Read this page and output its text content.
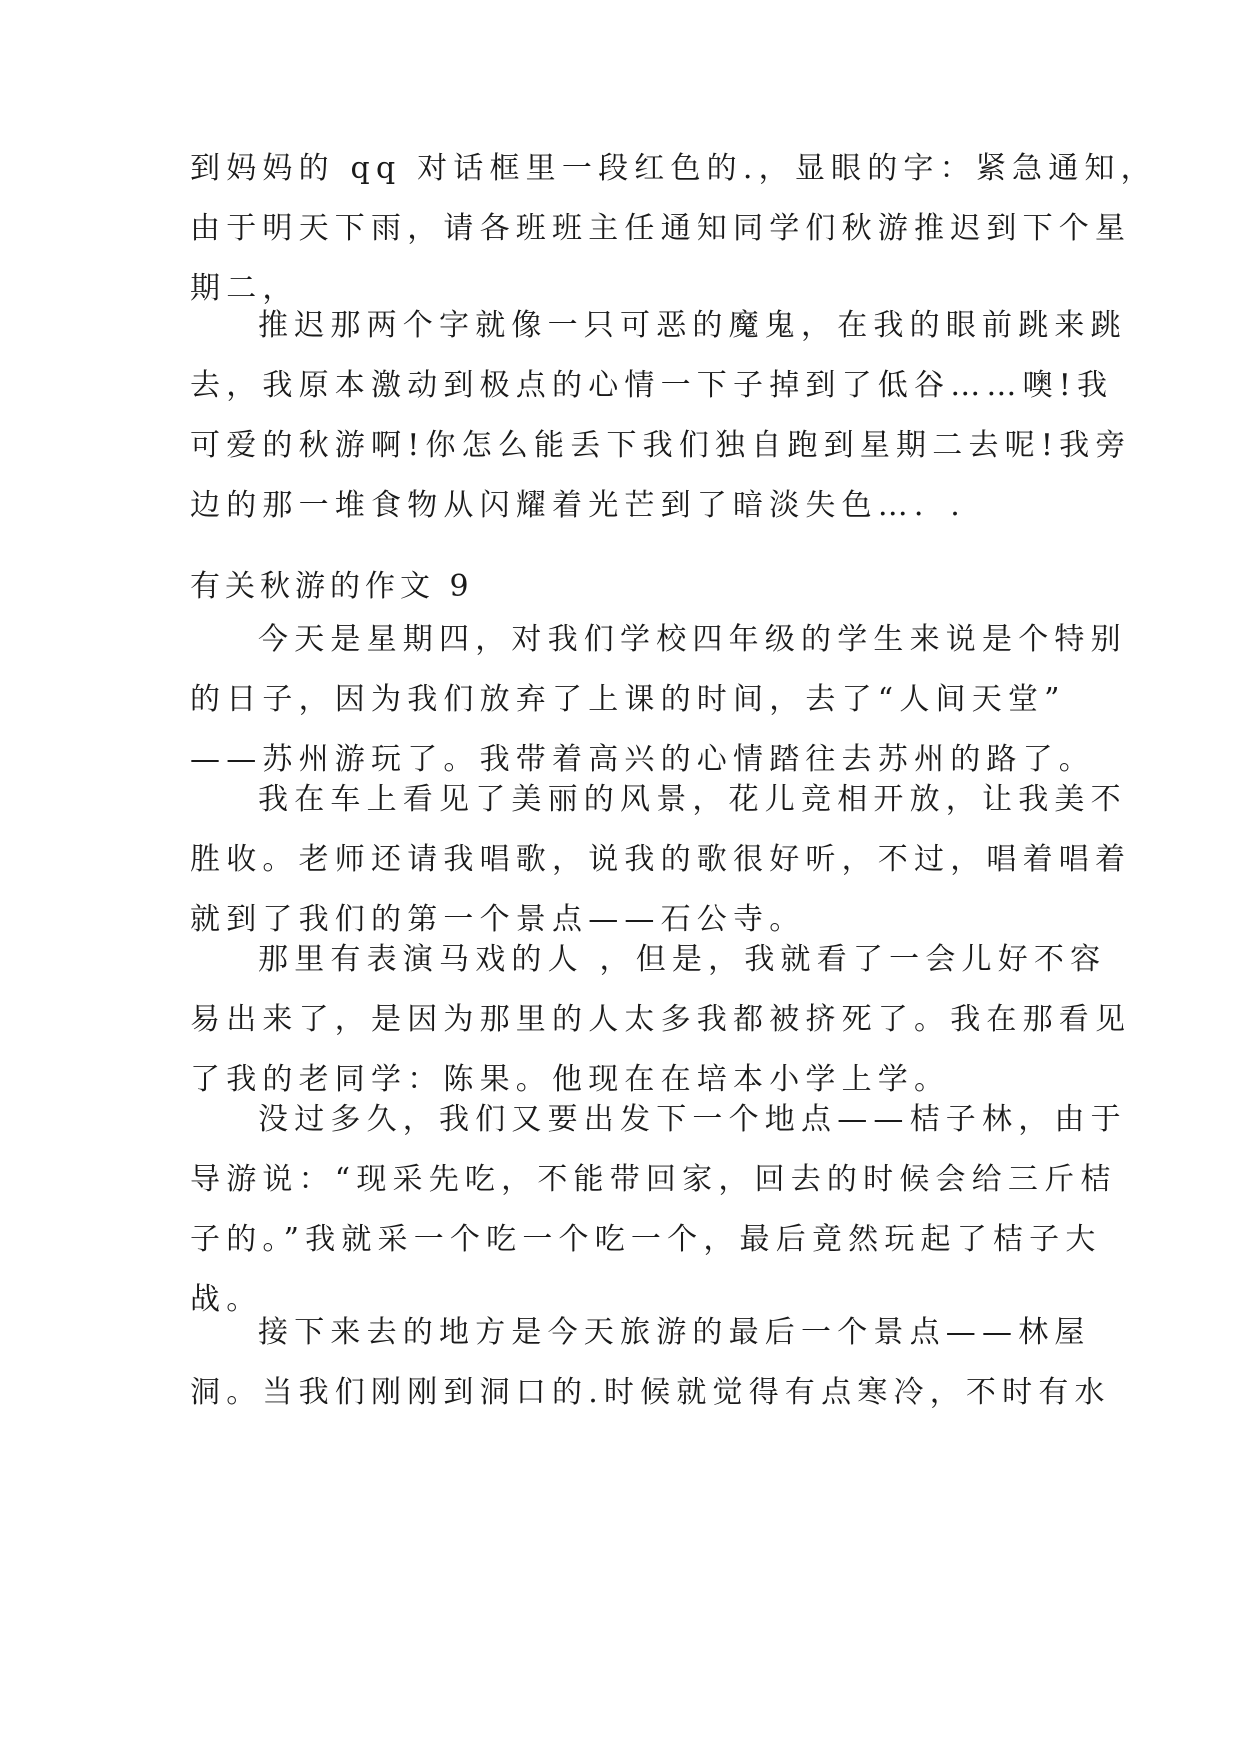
到妈妈的 qq 对话框里一段红色的.，显眼的字：紧急通知，
由于明天下雨，请各班班主任通知同学们秋游推迟到下个星
期二，

推迟那两个字就像一只可恶的魔鬼，在我的眼前跳来跳
去，我原本激动到极点的心情一下子掉到了低谷……噢!我
可爱的秋游啊!你怎么能丢下我们独自跑到星期二去呢!我旁
边的那一堆食物从闪耀着光芒到了暗淡失色…．.

有关秋游的作文 9

今天是星期四，对我们学校四年级的学生来说是个特别
的日子，因为我们放弃了上课的时间，去了“人间天堂”
——苏州游玩了。我带着高兴的心情踏往去苏州的路了。

我在车上看见了美丽的风景，花儿竞相开放，让我美不
胜收。老师还请我唱歌，说我的歌很好听，不过，唱着唱着
就到了我们的第一个景点——石公寺。

那里有表演马戏的人 ，但是，我就看了一会儿好不容
易出来了，是因为那里的人太多我都被挤死了。我在那看见
了我的老同学：陈果。他现在在培本小学上学。

没过多久，我们又要出发下一个地点——桔子林，由于
导游说：“现采先吃，不能带回家，回去的时候会给三斤桔
子的。”我就采一个吃一个吃一个，最后竟然玩起了桔子大
战。

接下来去的地方是今天旅游的最后一个景点——林屋
洞。当我们刚刚到洞口的.时候就觉得有点寒冷，不时有水
